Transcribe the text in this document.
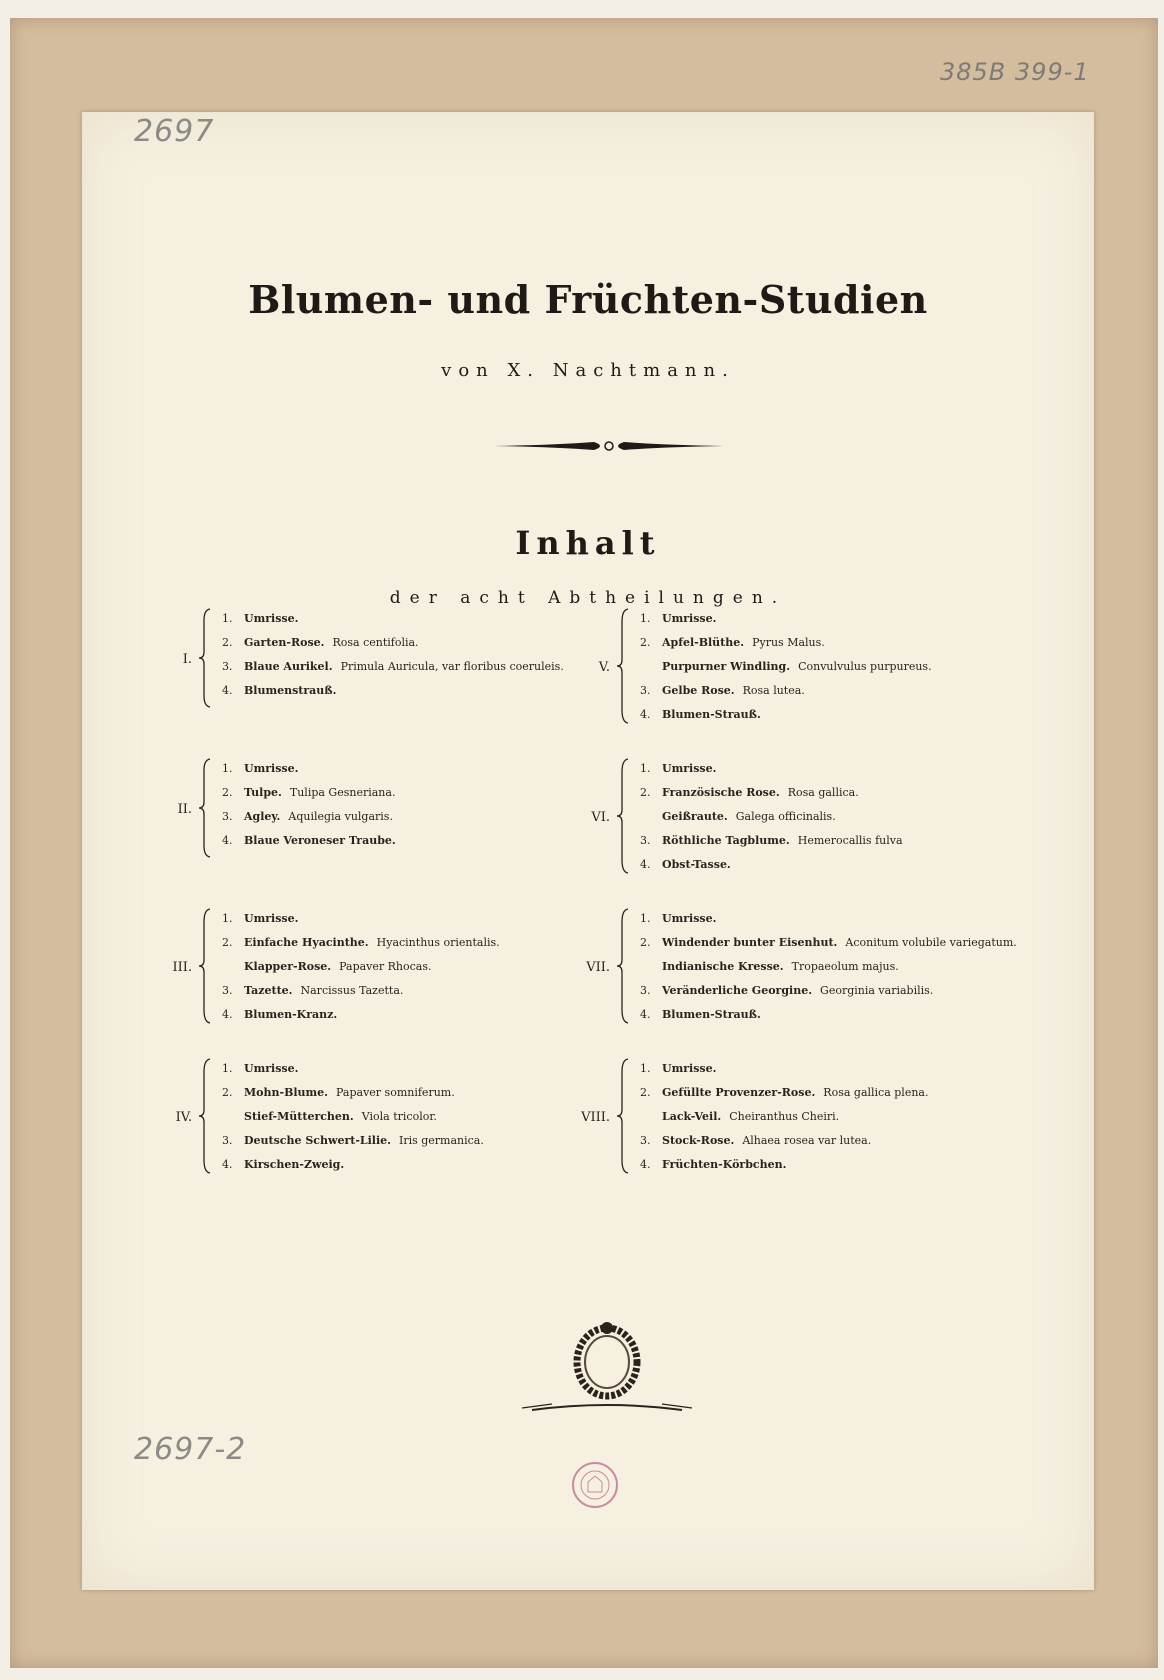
385B 399-1
2697
Blumen- und Früchten-Studien
von X. Nachtmann.
Inhalt
der acht Abtheilungen.
I.
1. Umrisse.
2. Garten-Rose. Rosa centifolia.
3. Blaue Aurikel. Primula Auricula, var floribus coeruleis.
4. Blumenstrauß.
II.
1. Umrisse.
2. Tulpe. Tulipa Gesneriana.
3. Agley. Aquilegia vulgaris.
4. Blaue Veroneser Traube.
III.
1. Umrisse.
2. Einfache Hyacinthe. Hyacinthus orientalis.
Klapper-Rose. Papaver Rhocas.
3. Tazette. Narcissus Tazetta.
4. Blumen-Kranz.
IV.
1. Umrisse.
2. Mohn-Blume. Papaver somniferum.
Stief-Mütterchen. Viola tricolor.
3. Deutsche Schwert-Lilie. Iris germanica.
4. Kirschen-Zweig.
V.
1. Umrisse.
2. Apfel-Blüthe. Pyrus Malus.
Purpurner Windling. Convulvulus purpureus.
3. Gelbe Rose. Rosa lutea.
4. Blumen-Strauß.
VI.
1. Umrisse.
2. Französische Rose. Rosa gallica.
Geißraute. Galega officinalis.
3. Röthliche Tagblume. Hemerocallis fulva
4. Obst-Tasse.
VII.
1. Umrisse.
2. Windender bunter Eisenhut. Aconitum volubile variegatum.
Indianische Kresse. Tropaeolum majus.
3. Veränderliche Georgine. Georginia variabilis.
4. Blumen-Strauß.
VIII.
1. Umrisse.
2. Gefüllte Provenzer-Rose. Rosa gallica plena.
Lack-Veil. Cheiranthus Cheiri.
3. Stock-Rose. Alhaea rosea var lutea.
4. Früchten-Körbchen.
2697-2
